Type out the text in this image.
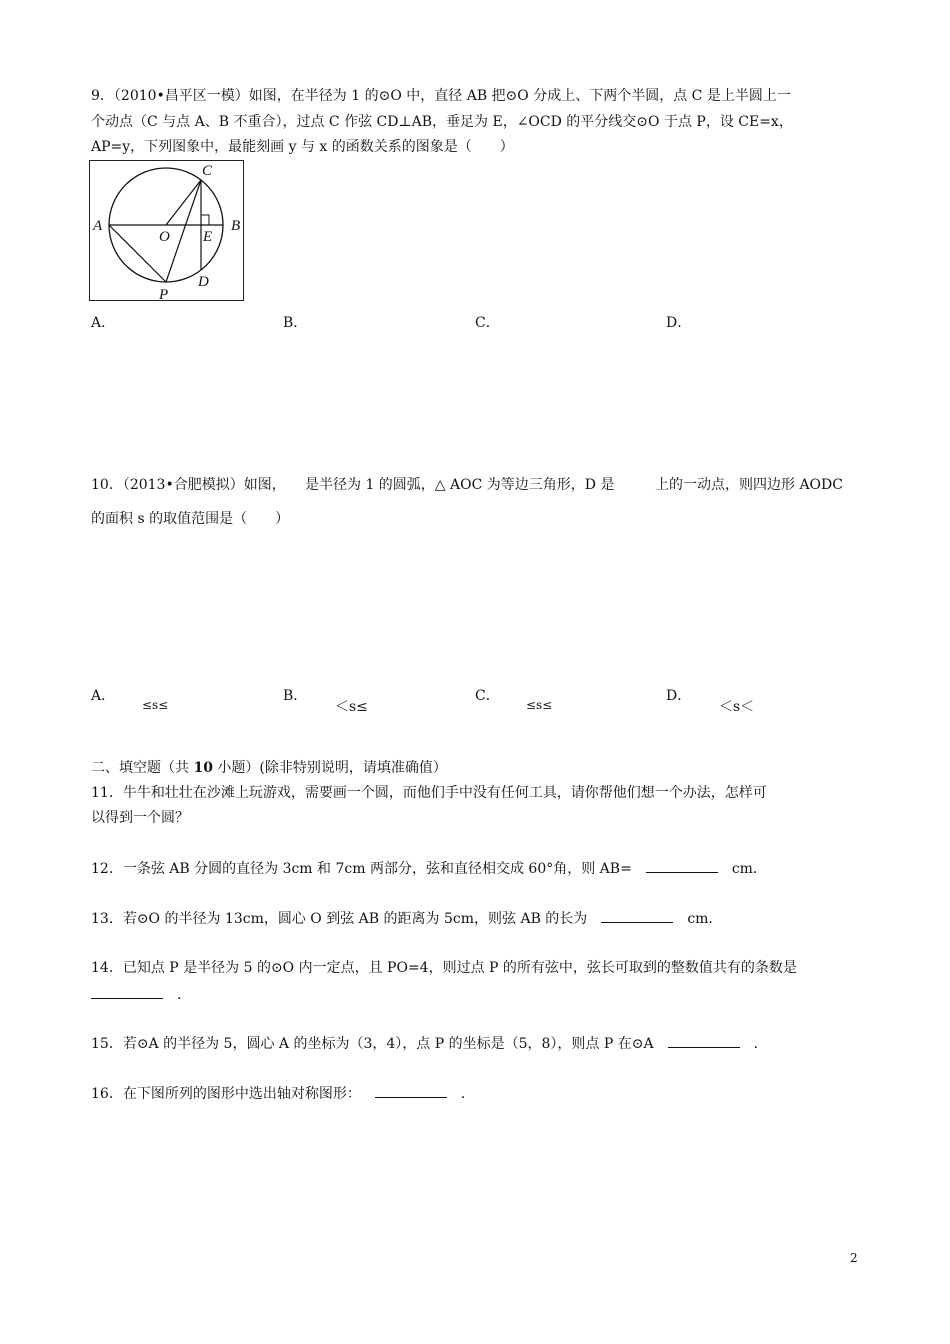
9．（2010•昌平区一模）如图，在半径为 1 的⊙O 中，直径 AB 把⊙O 分成上、下两个半圆，点 C 是上半圆上一
个动点（C 与点 A、B 不重合），过点 C 作弦 CD⊥AB，垂足为 E，∠OCD 的平分线交⊙O 于点 P，设 CE=x，
AP=y，下列图象中，最能刻画 y 与 x 的函数关系的图象是（　　）
C
A	B
O E
D
P
A．	B．	C．	D．
10．（2013•合肥模拟）如图， 是半径为 1 的圆弧，△ AOC 为等边三角形，D 是	上的一动点，则四边形 AODC
的面积 s 的取值范围是（　　）
A．
≤s≤
B．
＜s≤
C．
≤s≤
D．
＜s＜
二、填空题（共 10 小题）(除非特别说明，请填准确值）
11．牛牛和壮壮在沙滩上玩游戏，需要画一个圆，而他们手中没有任何工具，请你帮他们想一个办法，怎样可
以得到一个圆？
12．一条弦 AB 分圆的直径为 3cm 和 7cm 两部分，弦和直径相交成 60°角，则 AB=	cm．
13．若⊙O 的半径为 13cm，圆心 O 到弦 AB 的距离为 5cm，则弦 AB 的长为	cm．
14．已知点 P 是半径为 5 的⊙O 内一定点，且 PO=4，则过点 P 的所有弦中，弦长可取到的整数值共有的条数是
．
15．若⊙A 的半径为 5，圆心 A 的坐标为（3，4），点 P 的坐标是（5，8），则点 P 在⊙A	．
16．在下图所列的图形中选出轴对称图形：	．
2
